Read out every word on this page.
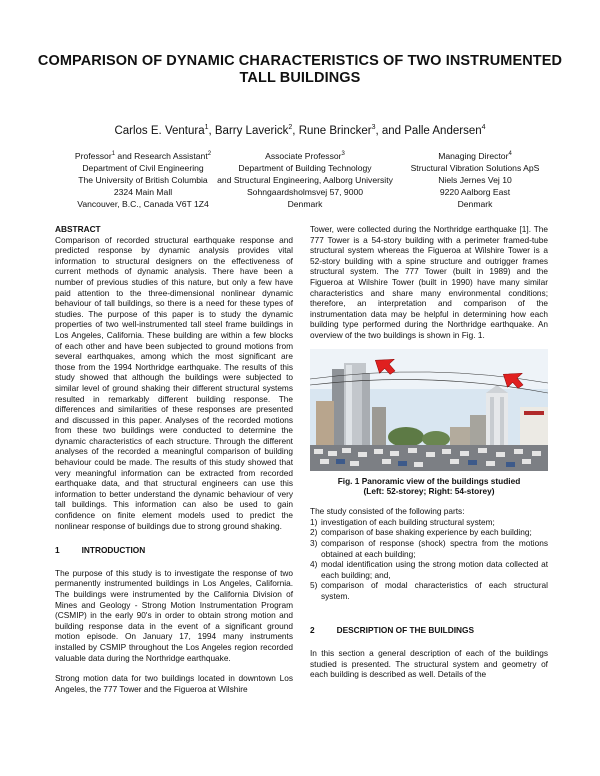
COMPARISON OF DYNAMIC CHARACTERISTICS OF TWO INSTRUMENTED TALL BUILDINGS
Carlos E. Ventura$^1$, Barry Laverick$^2$, Rune Brincker$^3$, and Palle Andersen$^4$
Professor$^1$ and Research Assistant$^2$
Department of Civil Engineering
The University of British Columbia
2324 Main Mall
Vancouver, B.C., Canada V6T 1Z4
Associate Professor$^3$
Department of Building Technology
and Structural Engineering, Aalborg University
Sohngaardsholmsvej 57, 9000
Denmark
Managing Director$^4$
Structural Vibration Solutions ApS
Niels Jernes Vej 10
9220 Aalborg East
Denmark
ABSTRACT

Comparison of recorded structural earthquake response and predicted response by dynamic analysis provides vital information to structural designers on the effectiveness of current methods of dynamic analysis. There have been a number of previous studies of this nature, but only a few have paid attention to the three-dimensional nonlinear dynamic behaviour of tall buildings, so there is a need for these types of studies. The purpose of this paper is to study the dynamic properties of two well-instrumented tall steel frame buildings in Los Angeles, California. These building are within a few blocks of each other and have been subjected to ground motions from several earthquakes, among which the most significant are those from the 1994 Northridge earthquake. The results of this study showed that although the buildings were subjected to similar level of ground shaking their different structural systems resulted in remarkably different building response. The differences and similarities of these responses are presented and discussed in this paper. Analyses of the recorded motions from these two buildings were conducted to determine the dynamic characteristics of each structure. Through the different analyses of the recorded a meaningful comparison of building behaviour could be made. The results of this study showed that very meaningful information can be extracted from recorded earthquake data, and that structural engineers can use this information to better understand the dynamic behaviour of very tall buildings. This information can also be used to gain confidence on finite element models used to predict the nonlinear response of buildings due to strong ground shaking.

1	INTRODUCTION

The purpose of this study is to investigate the response of two permanently instrumented buildings in Los Angeles, California. The buildings were instrumented by the California Division of Mines and Geology - Strong Motion Instrumentation Program (CSMIP) in the early 90's in order to obtain strong motion and building response data in the event of a significant ground motion episode. On January 17, 1994 many instruments installed by CSMIP throughout the Los Angeles region recorded valuable data during the Northridge earthquake.

Strong motion data for two buildings located in downtown Los Angeles, the 777 Tower and the Figueroa at Wilshire

Tower, were collected during the Northridge earthquake [1]. The 777 Tower is a 54-story building with a perimeter framed-tube structural system whereas the Figueroa at Wilshire Tower is a 52-story building with a spine structure and outrigger frames structural system. The 777 Tower (built in 1989) and the Figueroa at Wilshire Tower (built in 1990) have many similar characteristics and share many environmental conditions; therefore, an interpretation and comparison of the instrumentation data may be helpful in determining how each building type performed during the Northridge earthquake. An overview of the two buildings is shown in Fig. 1.

Fig. 1 Panoramic view of the buildings studied
(Left: 52-storey; Right: 54-storey)

The study consisted of the following parts:

1) investigation of each building structural system;
2) comparison of base shaking experience by each building;
3) comparison of response (shock) spectra from the motions obtained at each building;
4) modal identification using the strong motion data collected at each building; and,
5) comparison of modal characteristics of each structural system.
2	DESCRIPTION OF THE BUILDINGS

In this section a general description of each of the buildings studied is presented. The structural system and geometry of each building is described as well. Details of the
